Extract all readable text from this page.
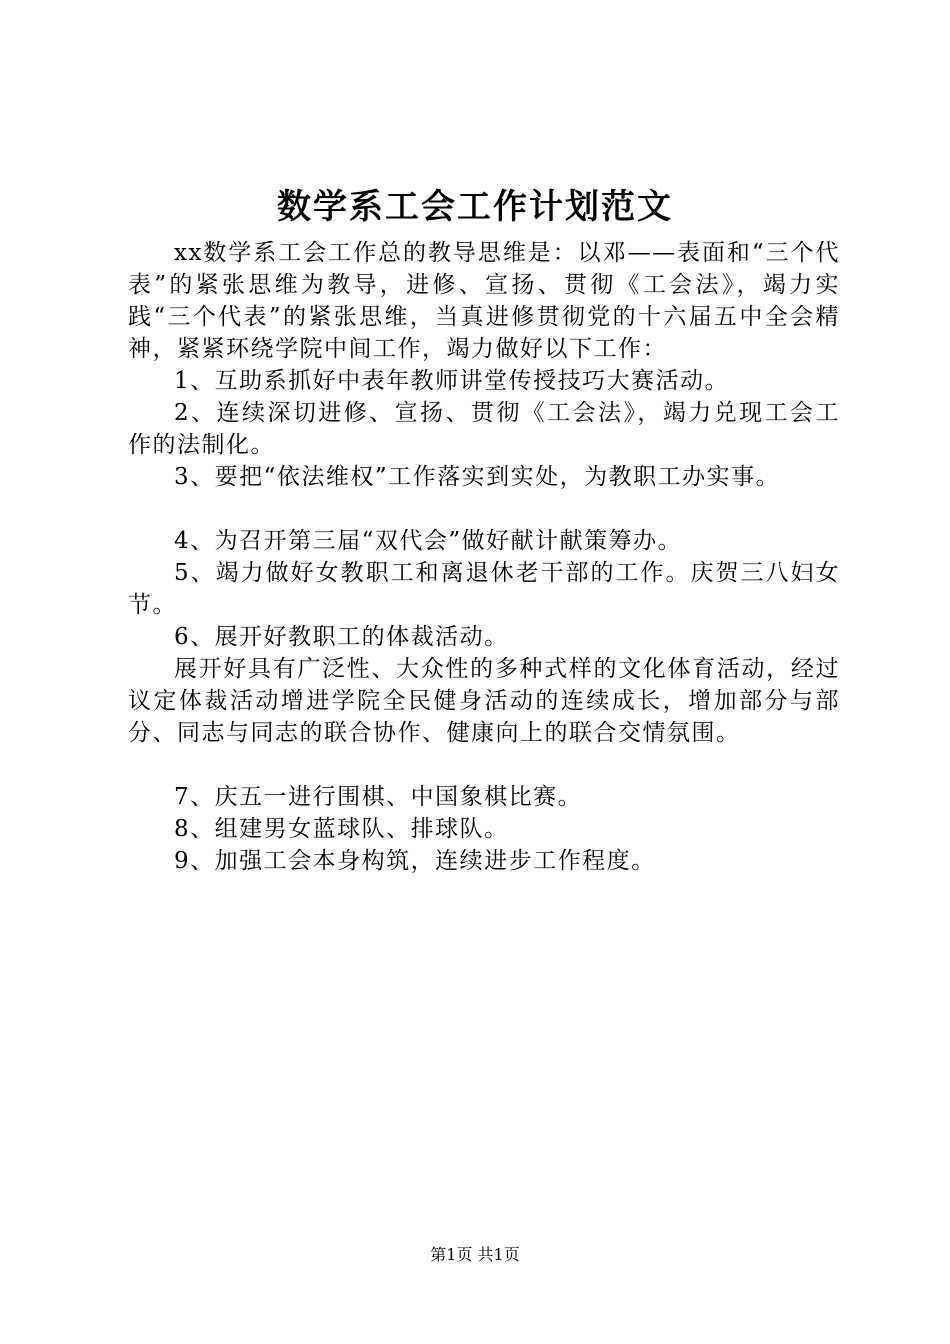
数学系工会工作计划范文

xx数学系工会工作总的教导思维是：以邓——表面和“三个代表”的紧张思维为教导，进修、宣扬、贯彻《工会法》，竭力实践“三个代表”的紧张思维，当真进修贯彻党的十六届五中全会精神，紧紧环绕学院中间工作，竭力做好以下工作：

1、互助系抓好中表年教师讲堂传授技巧大赛活动。

2、连续深切进修、宣扬、贯彻《工会法》，竭力兑现工会工作的法制化。

3、要把“依法维权”工作落实到实处，为教职工办实事。

4、为召开第三届“双代会”做好献计献策筹办。

5、竭力做好女教职工和离退休老干部的工作。庆贺三八妇女节。

6、展开好教职工的体裁活动。

展开好具有广泛性、大众性的多种式样的文化体育活动，经过议定体裁活动增进学院全民健身活动的连续成长，增加部分与部分、同志与同志的联合协作、健康向上的联合交情氛围。

7、庆五一进行围棋、中国象棋比赛。

8、组建男女蓝球队、排球队。

9、加强工会本身构筑，连续进步工作程度。

第1页 共1页
